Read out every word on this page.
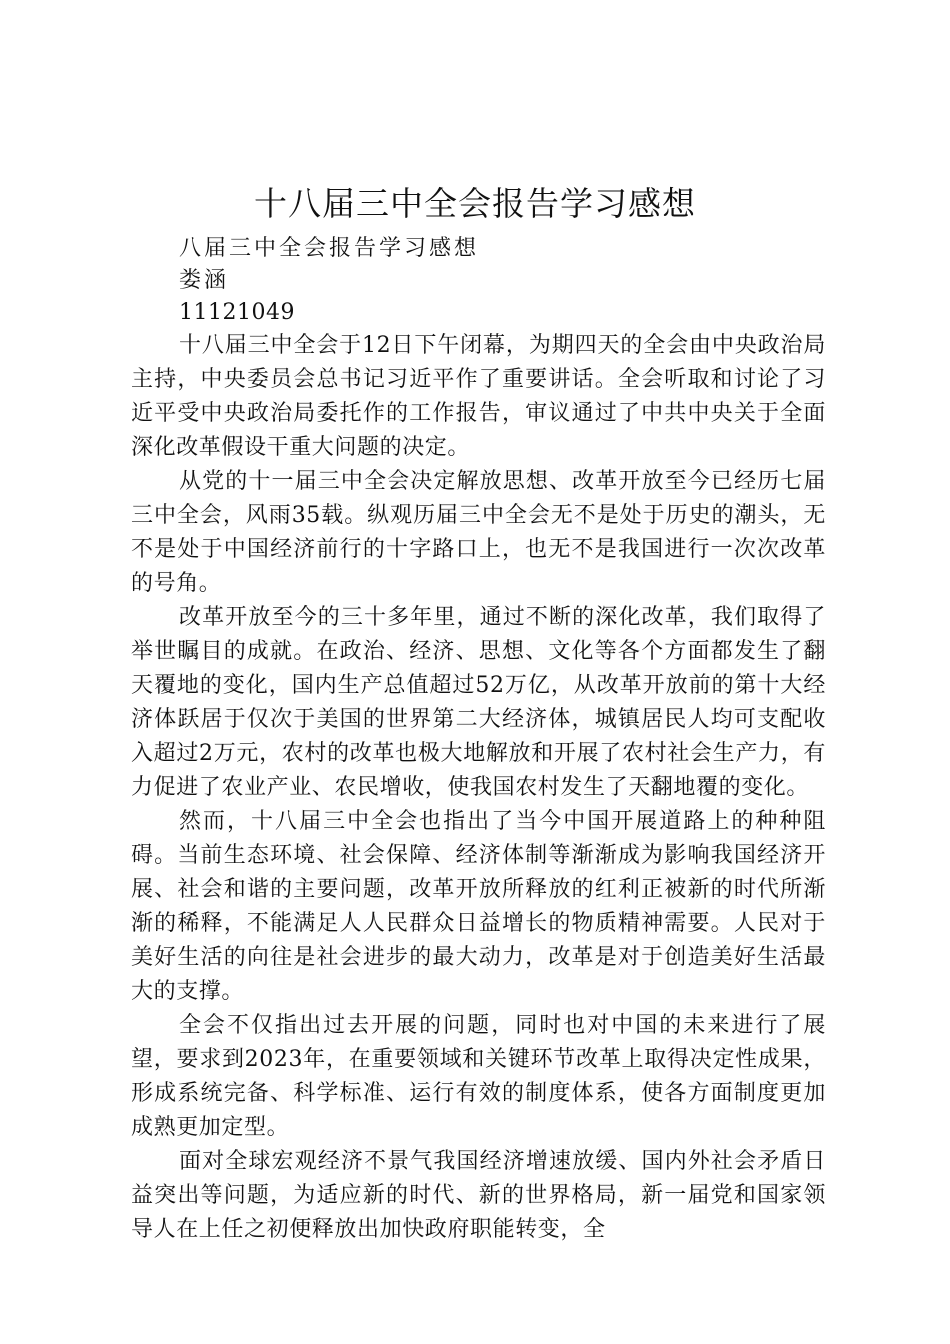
十八届三中全会报告学习感想

八届三中全会报告学习感想

娄涵

11121049

十八届三中全会于12日下午闭幕，为期四天的全会由中央政治局主持，中央委员会总书记习近平作了重要讲话。全会听取和讨论了习近平受中央政治局委托作的工作报告，审议通过了中共中央关于全面深化改革假设干重大问题的决定。

从党的十一届三中全会决定解放思想、改革开放至今已经历七届三中全会，风雨35载。纵观历届三中全会无不是处于历史的潮头，无不是处于中国经济前行的十字路口上，也无不是我国进行一次次改革的号角。

改革开放至今的三十多年里，通过不断的深化改革，我们取得了举世瞩目的成就。在政治、经济、思想、文化等各个方面都发生了翻天覆地的变化，国内生产总值超过52万亿，从改革开放前的第十大经济体跃居于仅次于美国的世界第二大经济体，城镇居民人均可支配收入超过2万元，农村的改革也极大地解放和开展了农村社会生产力，有力促进了农业产业、农民增收，使我国农村发生了天翻地覆的变化。

然而，十八届三中全会也指出了当今中国开展道路上的种种阻碍。当前生态环境、社会保障、经济体制等渐渐成为影响我国经济开展、社会和谐的主要问题，改革开放所释放的红利正被新的时代所渐渐的稀释，不能满足人人民群众日益增长的物质精神需要。人民对于美好生活的向往是社会进步的最大动力，改革是对于创造美好生活最大的支撑。

全会不仅指出过去开展的问题，同时也对中国的未来进行了展望，要求到2023年，在重要领域和关键环节改革上取得决定性成果，形成系统完备、科学标准、运行有效的制度体系，使各方面制度更加成熟更加定型。

面对全球宏观经济不景气我国经济增速放缓、国内外社会矛盾日益突出等问题，为适应新的时代、新的世界格局，新一届党和国家领导人在上任之初便释放出加快政府职能转变，全
